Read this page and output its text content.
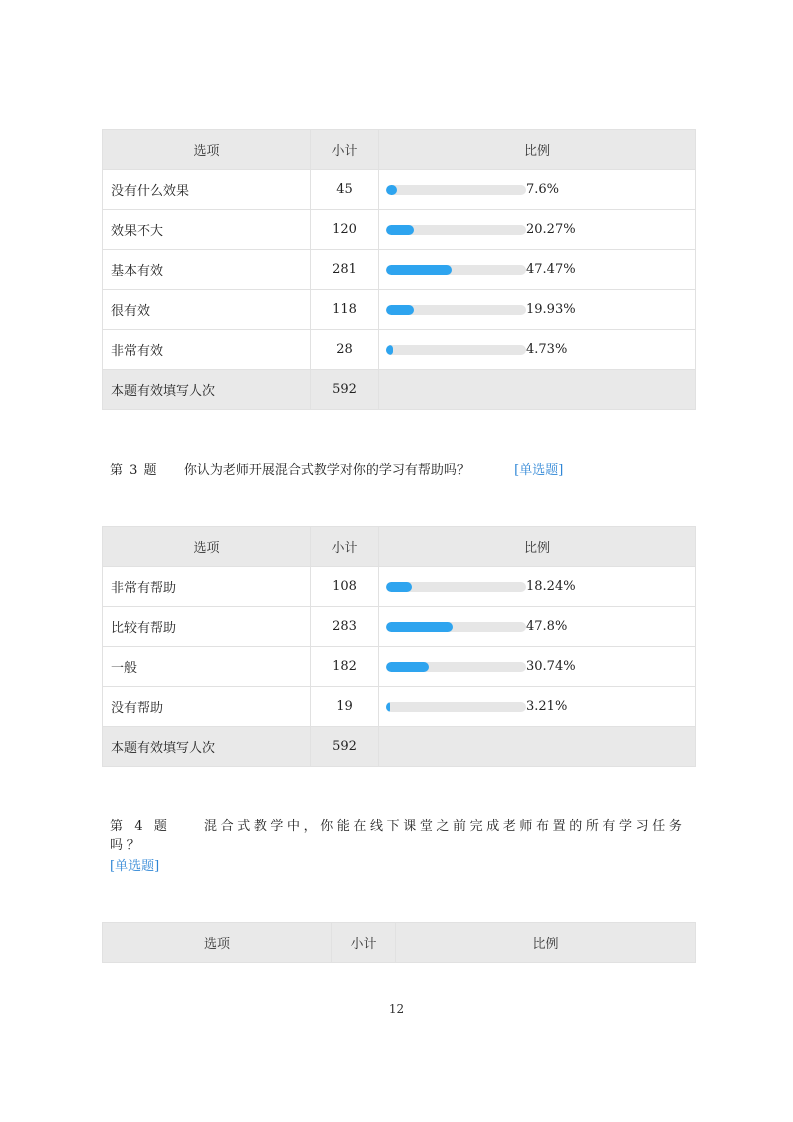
选项	小计	比例
没有什么效果	45	7.6%

效果不大	120	20.27%

基本有效	281	47.47%

很有效	118	19.93%

非常有效	28	4.73%

本题有效填写人次	592	
第 3 题 你认为老师开展混合式教学对你的学习有帮助吗？	[单选题]
选项	小计	比例
非常有帮助	108	18.24%

比较有帮助	283	47.8%

一般	182	30.74%

没有帮助	19	3.21%

本题有效填写人次	592	
第 4 题	混合式教学中，你能在线下课堂之前完成老师布置的所有学习任务吗？
[单选题]
选项	小计	比例
12
